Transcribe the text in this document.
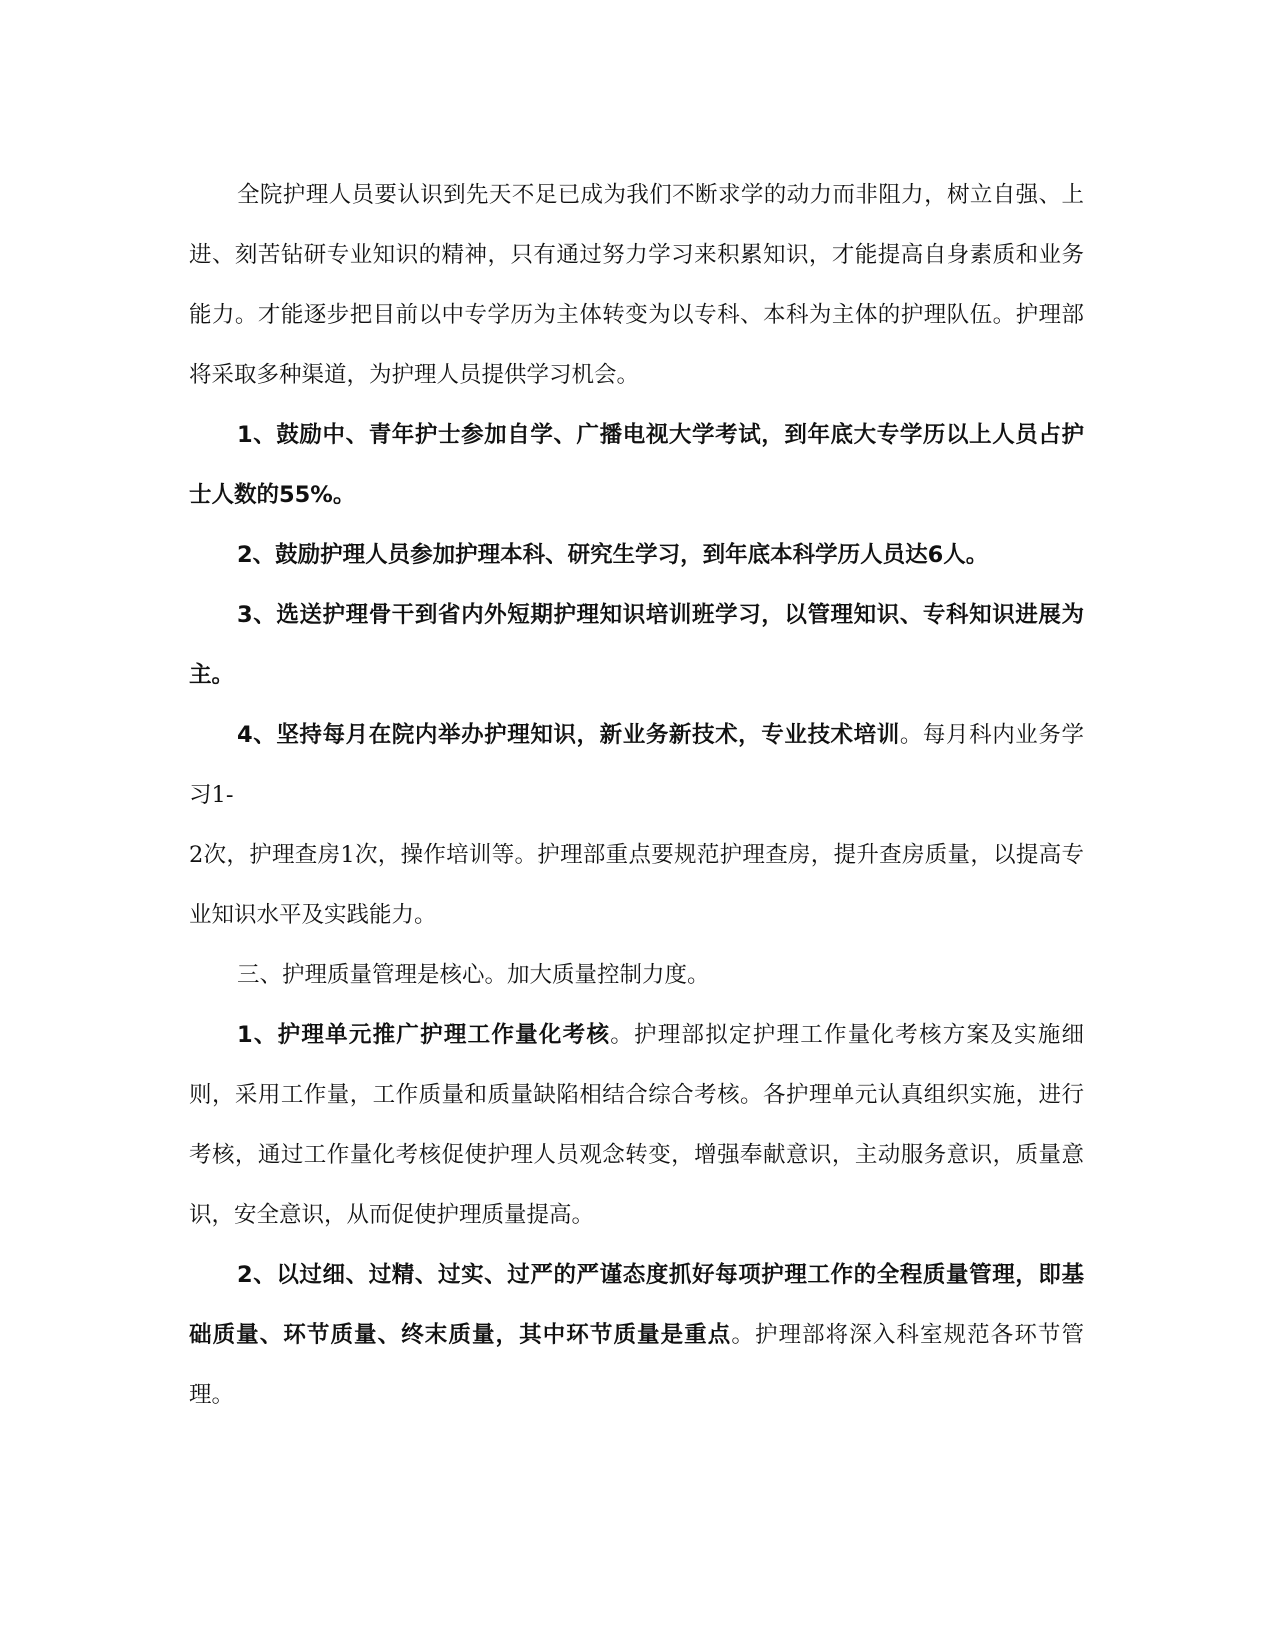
全院护理人员要认识到先天不足已成为我们不断求学的动力而非阻力，树立自强、上进、刻苦钻研专业知识的精神，只有通过努力学习来积累知识，才能提高自身素质和业务能力。才能逐步把目前以中专学历为主体转变为以专科、本科为主体的护理队伍。护理部将采取多种渠道，为护理人员提供学习机会。

1、鼓励中、青年护士参加自学、广播电视大学考试，到年底大专学历以上人员占护士人数的55%。

2、鼓励护理人员参加护理本科、研究生学习，到年底本科学历人员达6人。

3、选送护理骨干到省内外短期护理知识培训班学习，以管理知识、专科知识进展为主。

4、坚持每月在院内举办护理知识，新业务新技术，专业技术培训。每月科内业务学习1-

2次，护理查房1次，操作培训等。护理部重点要规范护理查房，提升查房质量，以提高专业知识水平及实践能力。

三、护理质量管理是核心。加大质量控制力度。

1、护理单元推广护理工作量化考核。护理部拟定护理工作量化考核方案及实施细则，采用工作量，工作质量和质量缺陷相结合综合考核。各护理单元认真组织实施，进行考核，通过工作量化考核促使护理人员观念转变，增强奉献意识，主动服务意识，质量意识，安全意识，从而促使护理质量提高。

2、以过细、过精、过实、过严的严谨态度抓好每项护理工作的全程质量管理，即基础质量、环节质量、终末质量，其中环节质量是重点。护理部将深入科室规范各环节管理。
